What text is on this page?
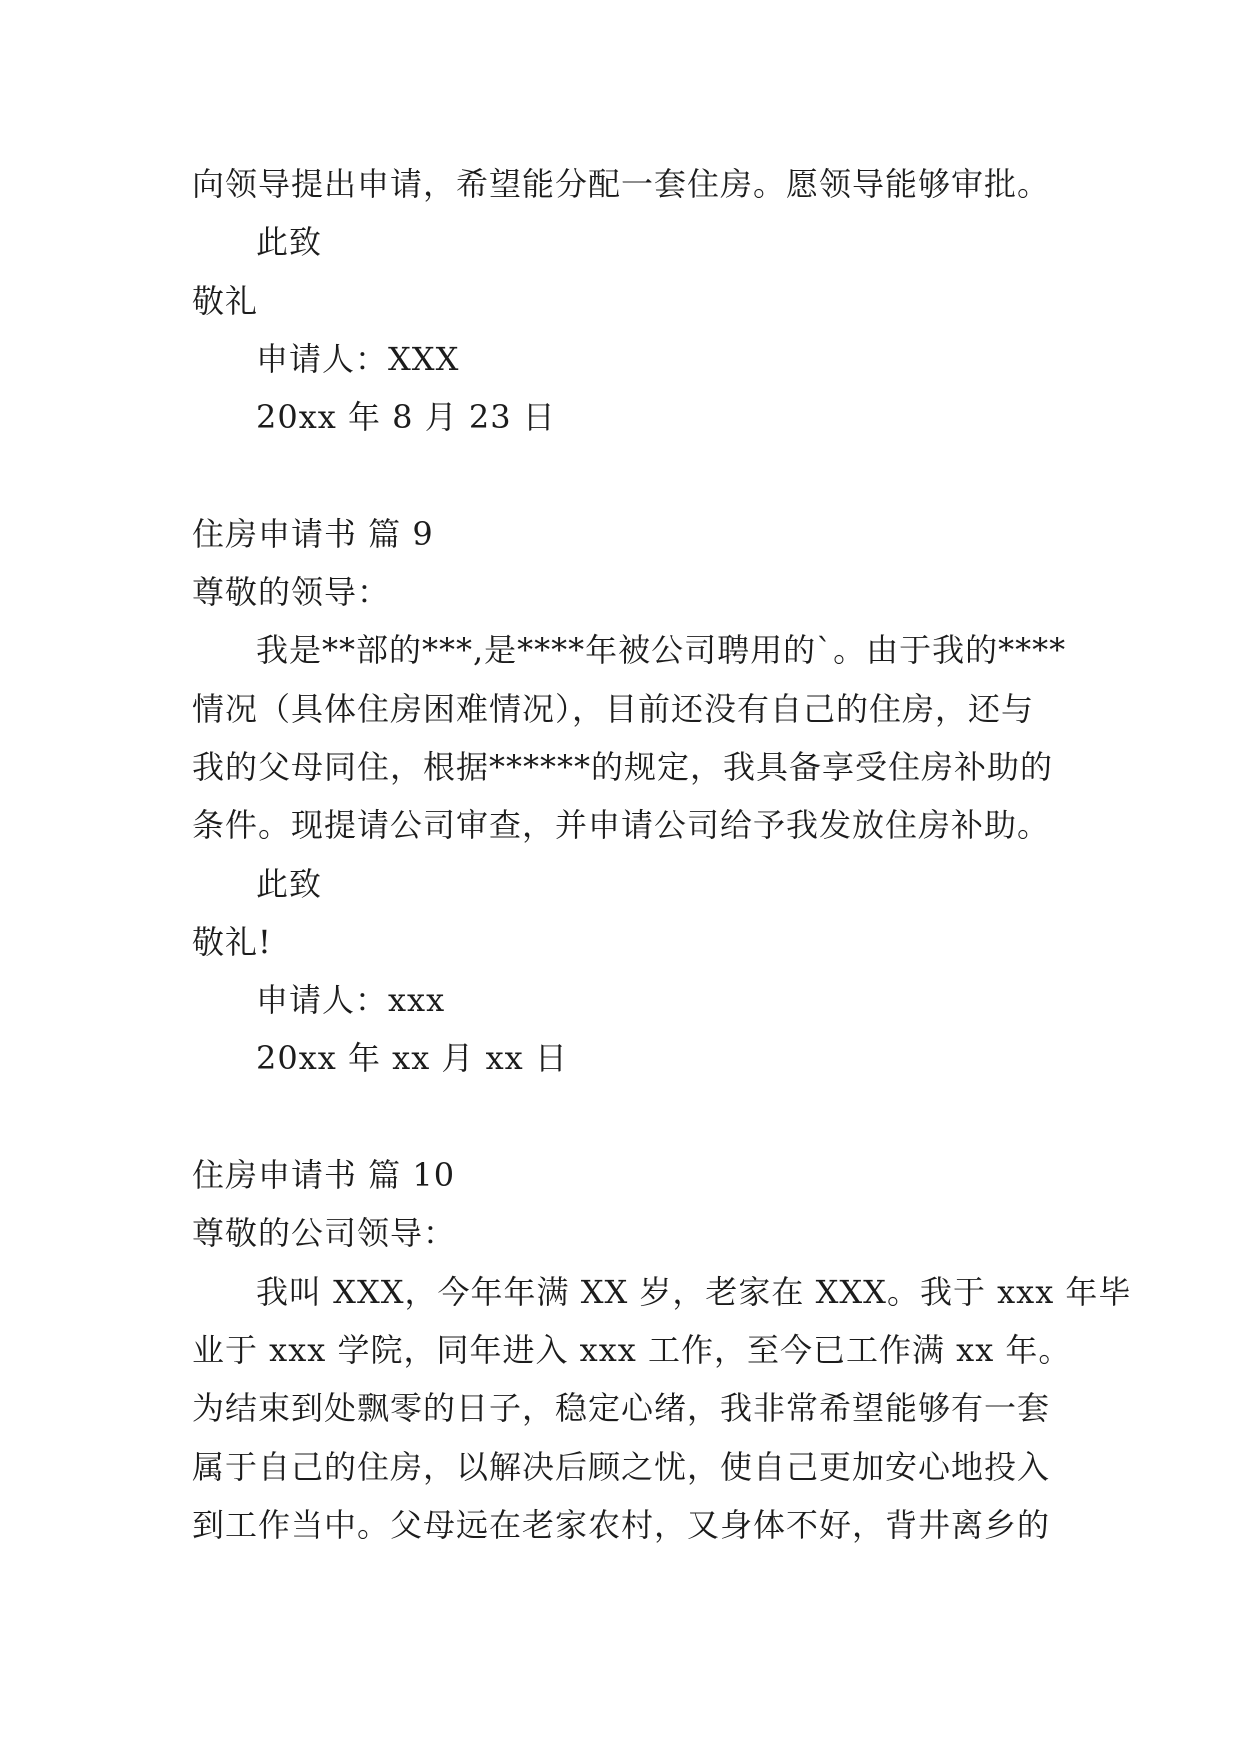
向领导提出申请，希望能分配一套住房。愿领导能够审批。
此致
敬礼
申请人：XXX
20xx 年 8 月 23 日
住房申请书 篇 9
尊敬的领导：
我是**部的***,是****年被公司聘用的`。由于我的****
情况（具体住房困难情况），目前还没有自己的住房，还与
我的父母同住，根据******的规定，我具备享受住房补助的
条件。现提请公司审查，并申请公司给予我发放住房补助。
此致
敬礼!
申请人：xxx
20xx 年 xx 月 xx 日
住房申请书 篇 10
尊敬的公司领导：
我叫 XXX，今年年满 XX 岁，老家在 XXX。我于 xxx 年毕
业于 xxx 学院，同年进入 xxx 工作，至今已工作满 xx 年。
为结束到处飘零的日子，稳定心绪，我非常希望能够有一套
属于自己的住房，以解决后顾之忧，使自己更加安心地投入
到工作当中。父母远在老家农村，又身体不好，背井离乡的
